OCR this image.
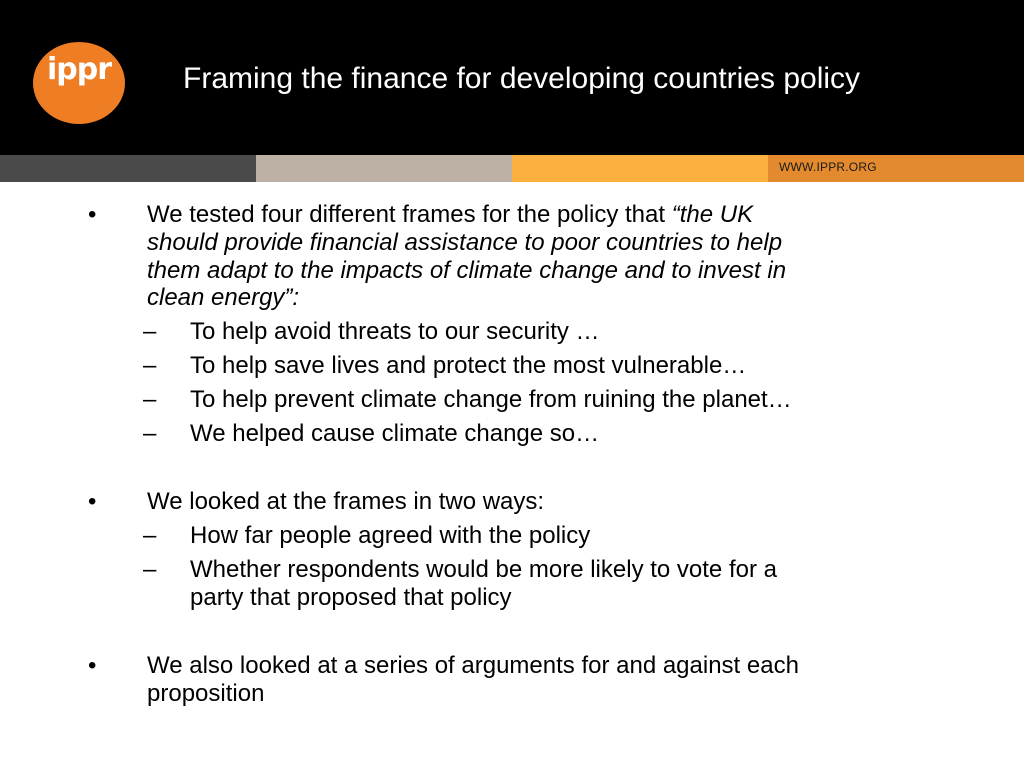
ippr	Framing the finance for developing countries policy
WWW.IPPR.ORG
• We tested four different frames for the policy that “the UK
should provide financial assistance to poor countries to help
them adapt to the impacts of climate change and to invest in
clean energy”:
– To help avoid threats to our security …
– To help save lives and protect the most vulnerable…
– To help prevent climate change from ruining the planet…
– We helped cause climate change so…
• We looked at the frames in two ways:
– How far people agreed with the policy
– Whether respondents would be more likely to vote for a
party that proposed that policy
• We also looked at a series of arguments for and against each
proposition
